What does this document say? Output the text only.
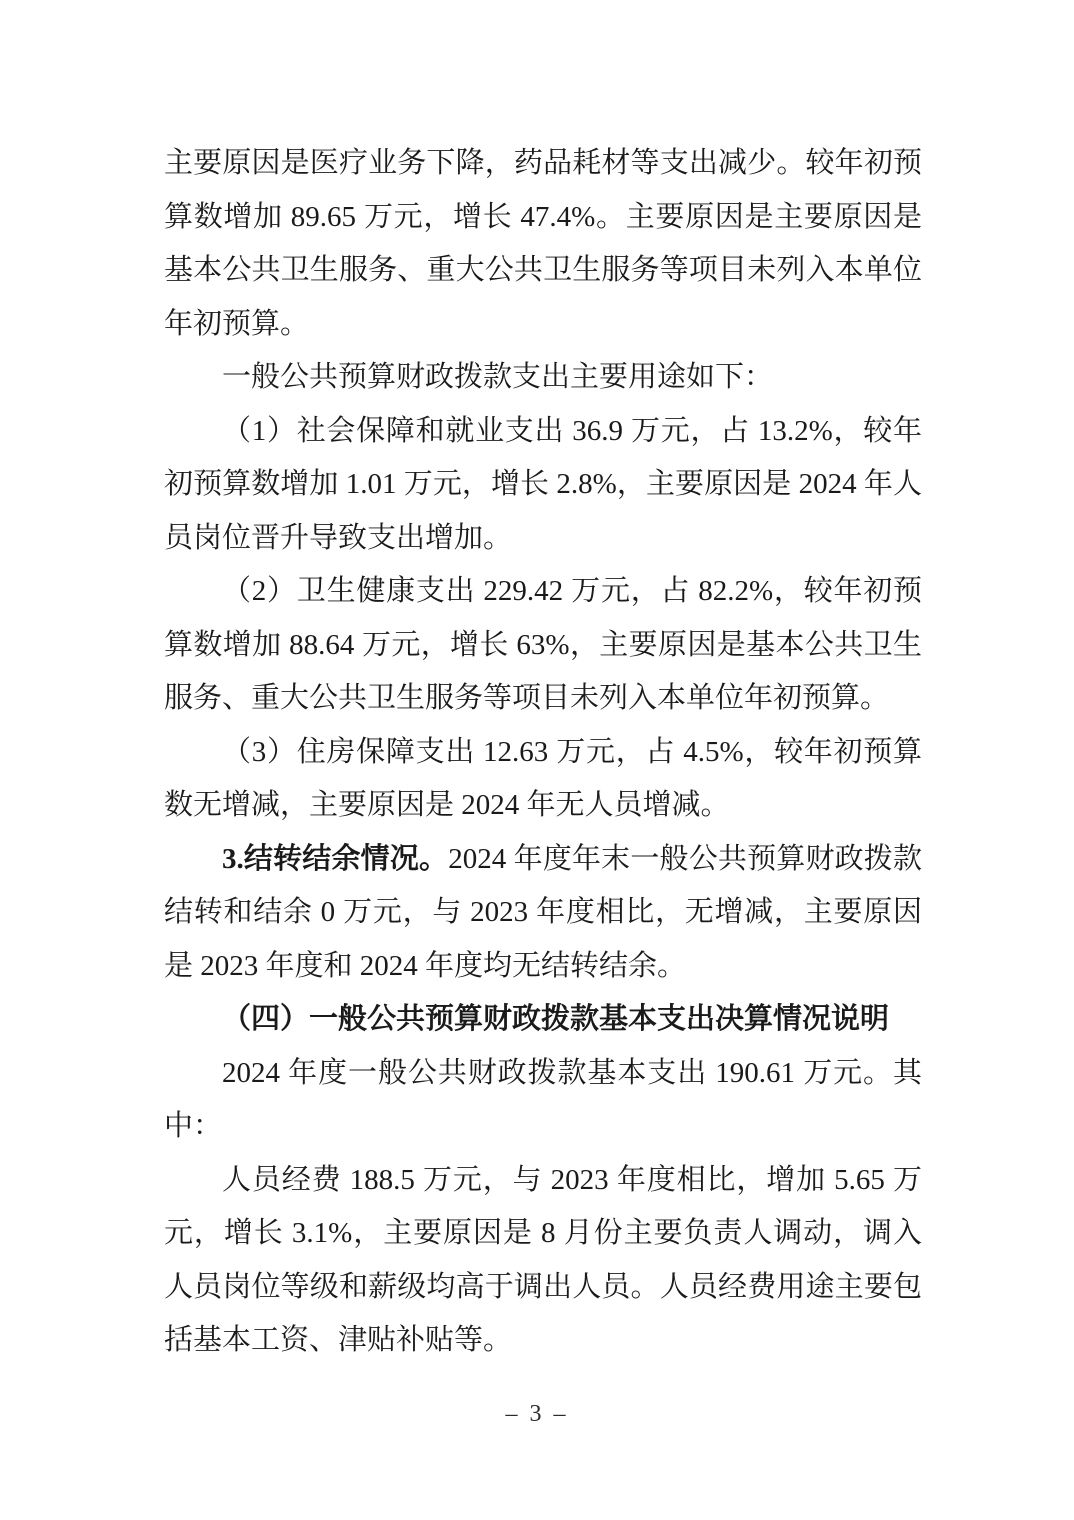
主要原因是医疗业务下降，药品耗材等支出减少。较年初预算数增加 89.65 万元，增长 47.4%。主要原因是主要原因是基本公共卫生服务、重大公共卫生服务等项目未列入本单位年初预算。

一般公共预算财政拨款支出主要用途如下：

（1）社会保障和就业支出 36.9 万元，占 13.2%，较年初预算数增加 1.01 万元，增长 2.8%，主要原因是 2024 年人员岗位晋升导致支出增加。

（2）卫生健康支出 229.42 万元，占 82.2%，较年初预算数增加 88.64 万元，增长 63%，主要原因是基本公共卫生服务、重大公共卫生服务等项目未列入本单位年初预算。

（3）住房保障支出 12.63 万元，占 4.5%，较年初预算数无增减，主要原因是 2024 年无人员增减。

3.结转结余情况。2024 年度年末一般公共预算财政拨款结转和结余 0 万元，与 2023 年度相比，无增减，主要原因是 2023 年度和 2024 年度均无结转结余。

（四）一般公共预算财政拨款基本支出决算情况说明

2024 年度一般公共财政拨款基本支出 190.61 万元。其中：

人员经费 188.5 万元，与 2023 年度相比，增加 5.65 万元，增长 3.1%，主要原因是 8 月份主要负责人调动，调入人员岗位等级和薪级均高于调出人员。人员经费用途主要包括基本工资、津贴补贴等。

– 3 –
